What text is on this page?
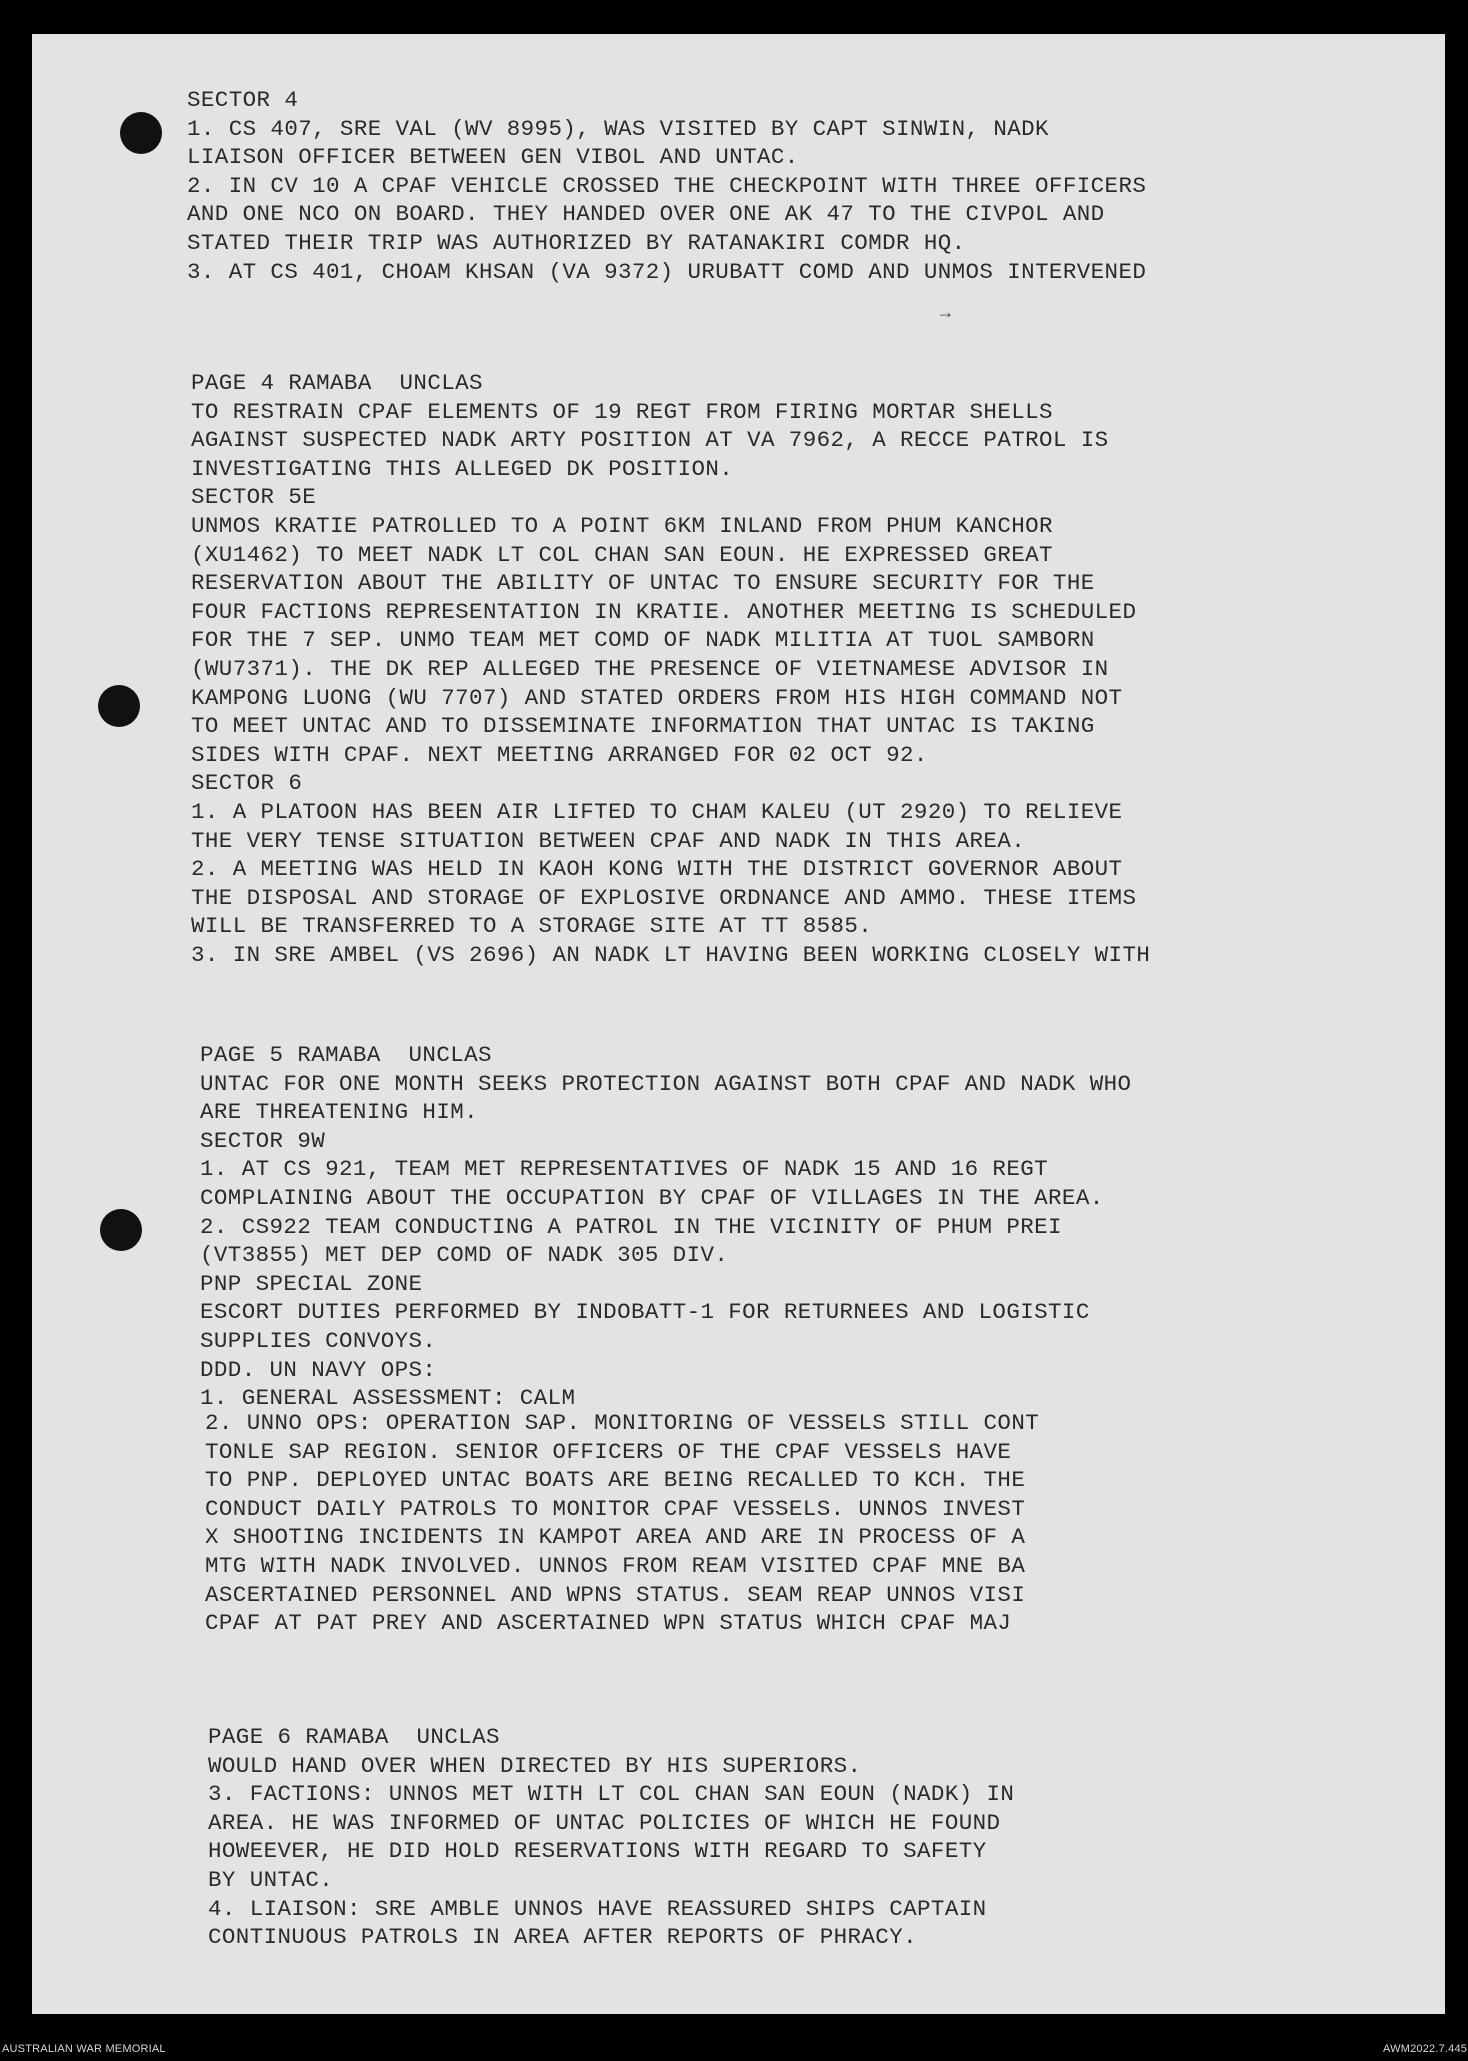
→
SECTOR 4
1. CS 407, SRE VAL (WV 8995), WAS VISITED BY CAPT SINWIN, NADK
LIAISON OFFICER BETWEEN GEN VIBOL AND UNTAC.
2. IN CV 10 A CPAF VEHICLE CROSSED THE CHECKPOINT WITH THREE OFFICERS
AND ONE NCO ON BOARD. THEY HANDED OVER ONE AK 47 TO THE CIVPOL AND
STATED THEIR TRIP WAS AUTHORIZED BY RATANAKIRI COMDR HQ.
3. AT CS 401, CHOAM KHSAN (VA 9372) URUBATT COMD AND UNMOS INTERVENED
PAGE 4 RAMABA  UNCLAS
TO RESTRAIN CPAF ELEMENTS OF 19 REGT FROM FIRING MORTAR SHELLS
AGAINST SUSPECTED NADK ARTY POSITION AT VA 7962, A RECCE PATROL IS
INVESTIGATING THIS ALLEGED DK POSITION.
SECTOR 5E
UNMOS KRATIE PATROLLED TO A POINT 6KM INLAND FROM PHUM KANCHOR
(XU1462) TO MEET NADK LT COL CHAN SAN EOUN. HE EXPRESSED GREAT
RESERVATION ABOUT THE ABILITY OF UNTAC TO ENSURE SECURITY FOR THE
FOUR FACTIONS REPRESENTATION IN KRATIE. ANOTHER MEETING IS SCHEDULED
FOR THE 7 SEP. UNMO TEAM MET COMD OF NADK MILITIA AT TUOL SAMBORN
(WU7371). THE DK REP ALLEGED THE PRESENCE OF VIETNAMESE ADVISOR IN
KAMPONG LUONG (WU 7707) AND STATED ORDERS FROM HIS HIGH COMMAND NOT
TO MEET UNTAC AND TO DISSEMINATE INFORMATION THAT UNTAC IS TAKING
SIDES WITH CPAF. NEXT MEETING ARRANGED FOR 02 OCT 92.
SECTOR 6
1. A PLATOON HAS BEEN AIR LIFTED TO CHAM KALEU (UT 2920) TO RELIEVE
THE VERY TENSE SITUATION BETWEEN CPAF AND NADK IN THIS AREA.
2. A MEETING WAS HELD IN KAOH KONG WITH THE DISTRICT GOVERNOR ABOUT
THE DISPOSAL AND STORAGE OF EXPLOSIVE ORDNANCE AND AMMO. THESE ITEMS
WILL BE TRANSFERRED TO A STORAGE SITE AT TT 8585.
3. IN SRE AMBEL (VS 2696) AN NADK LT HAVING BEEN WORKING CLOSELY WITH
PAGE 5 RAMABA  UNCLAS
UNTAC FOR ONE MONTH SEEKS PROTECTION AGAINST BOTH CPAF AND NADK WHO
ARE THREATENING HIM.
SECTOR 9W
1. AT CS 921, TEAM MET REPRESENTATIVES OF NADK 15 AND 16 REGT
COMPLAINING ABOUT THE OCCUPATION BY CPAF OF VILLAGES IN THE AREA.
2. CS922 TEAM CONDUCTING A PATROL IN THE VICINITY OF PHUM PREI
(VT3855) MET DEP COMD OF NADK 305 DIV.
PNP SPECIAL ZONE
ESCORT DUTIES PERFORMED BY INDOBATT-1 FOR RETURNEES AND LOGISTIC
SUPPLIES CONVOYS.
DDD. UN NAVY OPS:
1. GENERAL ASSESSMENT: CALM
2. UNNO OPS: OPERATION SAP. MONITORING OF VESSELS STILL CONT
TONLE SAP REGION. SENIOR OFFICERS OF THE CPAF VESSELS HAVE
TO PNP. DEPLOYED UNTAC BOATS ARE BEING RECALLED TO KCH. THE
CONDUCT DAILY PATROLS TO MONITOR CPAF VESSELS. UNNOS INVEST
X SHOOTING INCIDENTS IN KAMPOT AREA AND ARE IN PROCESS OF A
MTG WITH NADK INVOLVED. UNNOS FROM REAM VISITED CPAF MNE BA
ASCERTAINED PERSONNEL AND WPNS STATUS. SEAM REAP UNNOS VISI
CPAF AT PAT PREY AND ASCERTAINED WPN STATUS WHICH CPAF MAJ
PAGE 6 RAMABA  UNCLAS
WOULD HAND OVER WHEN DIRECTED BY HIS SUPERIORS.
3. FACTIONS: UNNOS MET WITH LT COL CHAN SAN EOUN (NADK) IN
AREA. HE WAS INFORMED OF UNTAC POLICIES OF WHICH HE FOUND
HOWEEVER, HE DID HOLD RESERVATIONS WITH REGARD TO SAFETY
BY UNTAC.
4. LIAISON: SRE AMBLE UNNOS HAVE REASSURED SHIPS CAPTAIN
CONTINUOUS PATROLS IN AREA AFTER REPORTS OF PHRACY.
AUSTRALIAN WAR MEMORIAL	AWM2022.7.445
